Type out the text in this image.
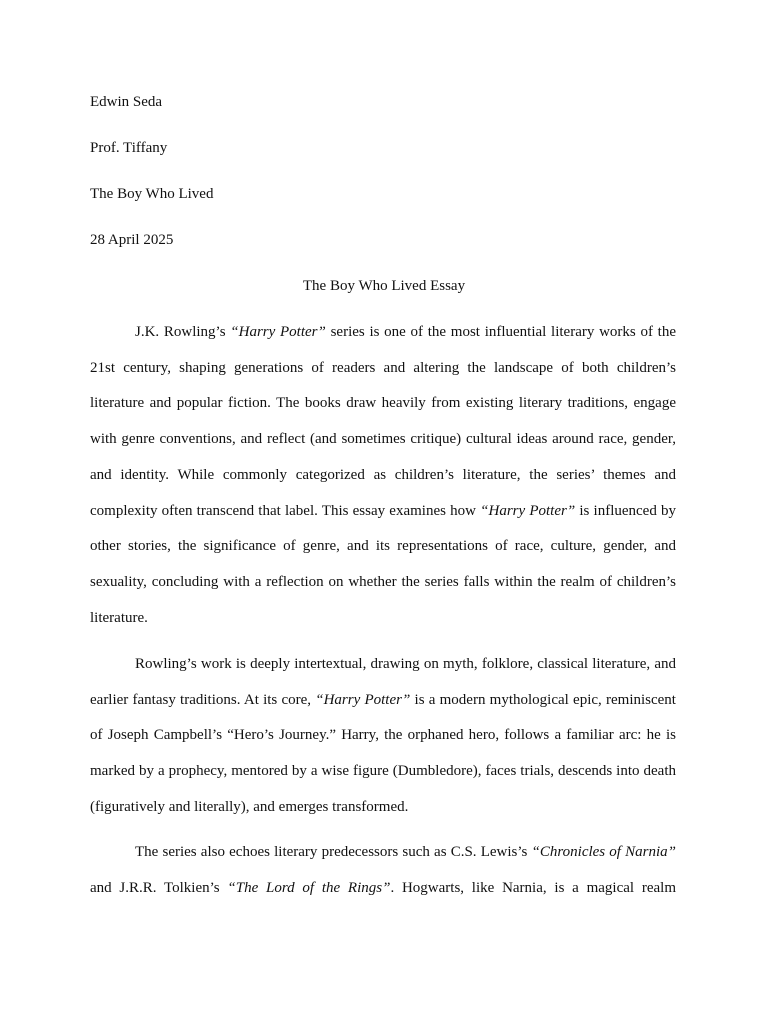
Edwin Seda

Prof. Tiffany

The Boy Who Lived

28 April 2025

The Boy Who Lived Essay

J.K. Rowling’s “Harry Potter” series is one of the most influential literary works of the

21st century, shaping generations of readers and altering the landscape of both children’s

literature and popular fiction. The books draw heavily from existing literary traditions, engage

with genre conventions, and reflect (and sometimes critique) cultural ideas around race, gender,

and identity. While commonly categorized as children’s literature, the series’ themes and

complexity often transcend that label. This essay examines how “Harry Potter” is influenced by

other stories, the significance of genre, and its representations of race, culture, gender, and

sexuality, concluding with a reflection on whether the series falls within the realm of children’s

literature.

Rowling’s work is deeply intertextual, drawing on myth, folklore, classical literature, and

earlier fantasy traditions. At its core, “Harry Potter” is a modern mythological epic, reminiscent

of Joseph Campbell’s “Hero’s Journey.” Harry, the orphaned hero, follows a familiar arc: he is

marked by a prophecy, mentored by a wise figure (Dumbledore), faces trials, descends into death

(figuratively and literally), and emerges transformed.

The series also echoes literary predecessors such as C.S. Lewis’s “Chronicles of Narnia”

and J.R.R. Tolkien’s “The Lord of the Rings”. Hogwarts, like Narnia, is a magical realm
